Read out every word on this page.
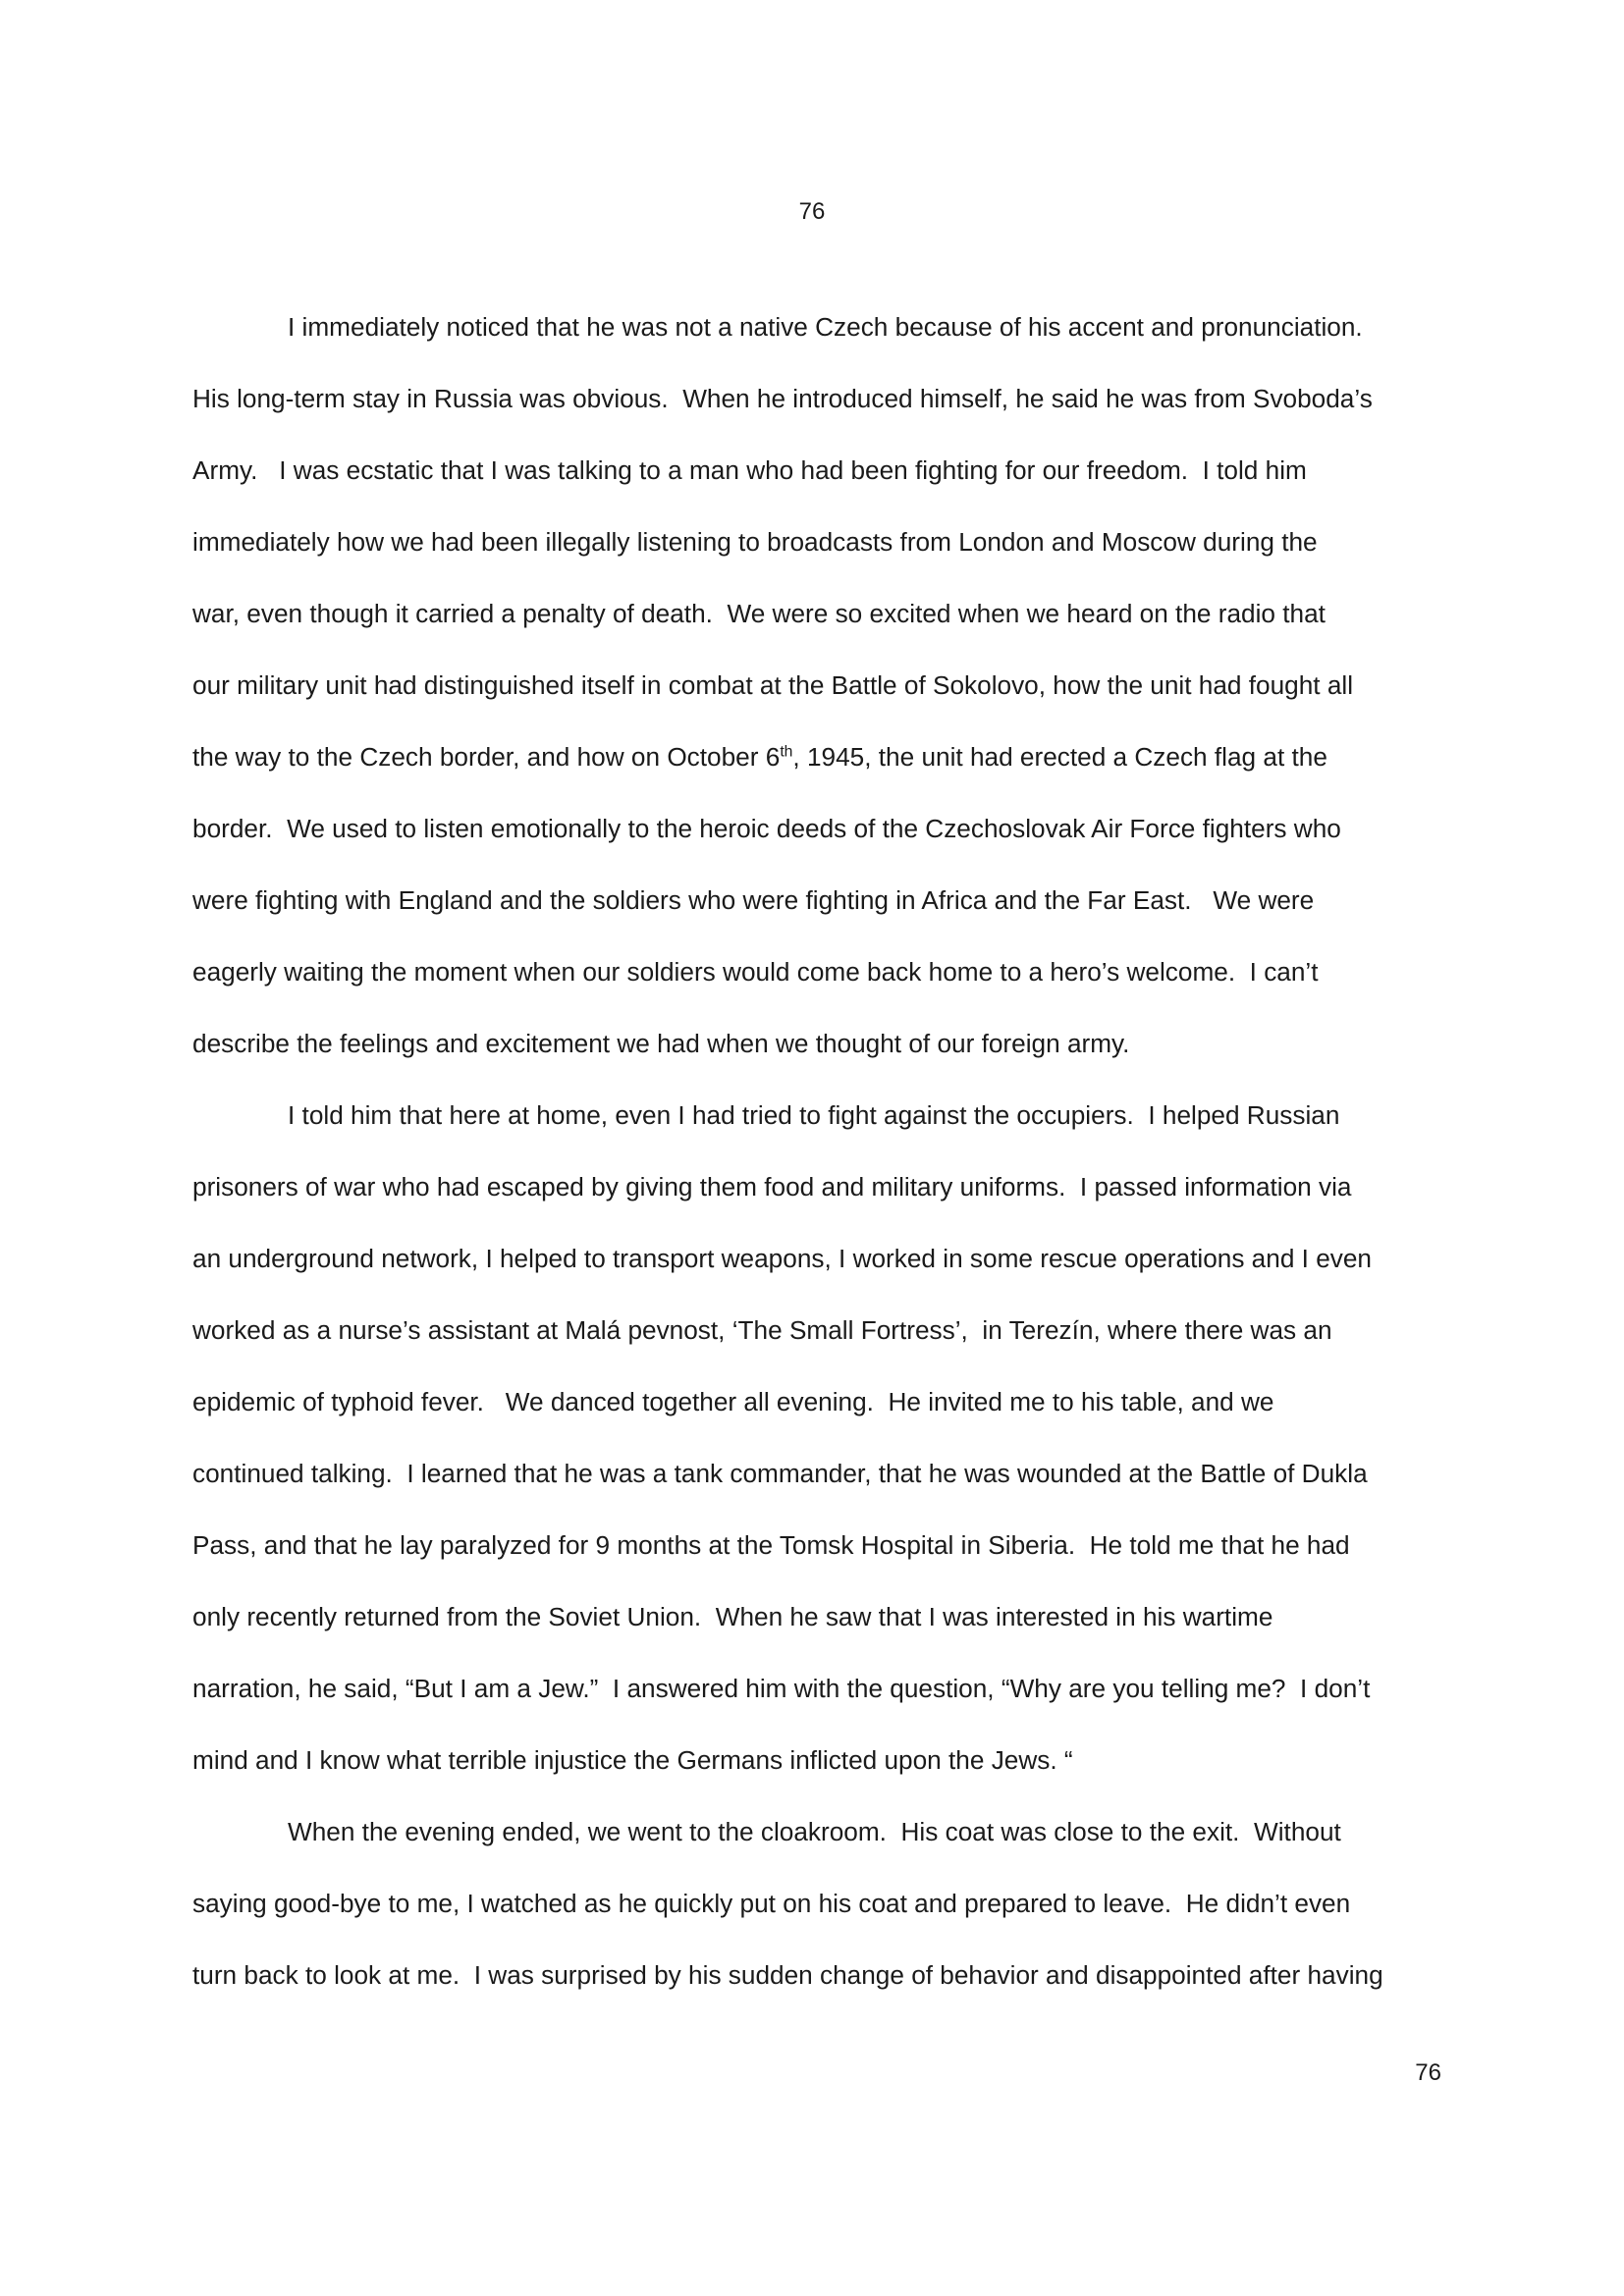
76
I immediately noticed that he was not a native Czech because of his accent and pronunciation.
His long-term stay in Russia was obvious.  When he introduced himself, he said he was from Svoboda’s
Army.   I was ecstatic that I was talking to a man who had been fighting for our freedom.  I told him
immediately how we had been illegally listening to broadcasts from London and Moscow during the
war, even though it carried a penalty of death.  We were so excited when we heard on the radio that
our military unit had distinguished itself in combat at the Battle of Sokolovo, how the unit had fought all
the way to the Czech border, and how on October 6th, 1945, the unit had erected a Czech flag at the
border.  We used to listen emotionally to the heroic deeds of the Czechoslovak Air Force fighters who
were fighting with England and the soldiers who were fighting in Africa and the Far East.   We were
eagerly waiting the moment when our soldiers would come back home to a hero’s welcome.  I can’t
describe the feelings and excitement we had when we thought of our foreign army.
I told him that here at home, even I had tried to fight against the occupiers.  I helped Russian
prisoners of war who had escaped by giving them food and military uniforms.  I passed information via
an underground network, I helped to transport weapons, I worked in some rescue operations and I even
worked as a nurse’s assistant at Malá pevnost, ‘The Small Fortress’,  in Terezín, where there was an
epidemic of typhoid fever.   We danced together all evening.  He invited me to his table, and we
continued talking.  I learned that he was a tank commander, that he was wounded at the Battle of Dukla
Pass, and that he lay paralyzed for 9 months at the Tomsk Hospital in Siberia.  He told me that he had
only recently returned from the Soviet Union.  When he saw that I was interested in his wartime
narration, he said, “But I am a Jew.”  I answered him with the question, “Why are you telling me?  I don’t
mind and I know what terrible injustice the Germans inflicted upon the Jews. “
When the evening ended, we went to the cloakroom.  His coat was close to the exit.  Without
saying good-bye to me, I watched as he quickly put on his coat and prepared to leave.  He didn’t even
turn back to look at me.  I was surprised by his sudden change of behavior and disappointed after having
76
